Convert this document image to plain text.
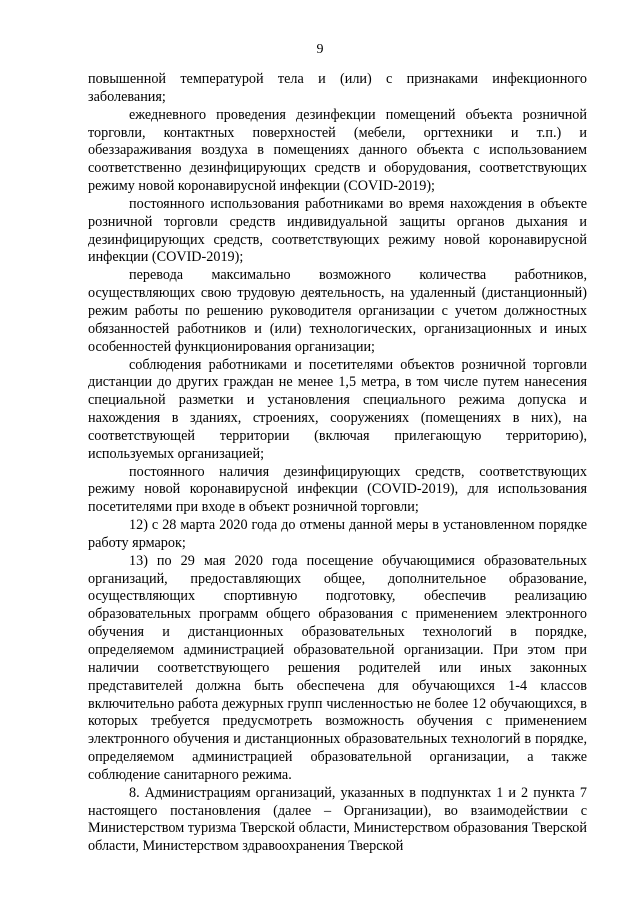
9

повышенной температурой тела и (или) с признаками инфекционного заболевания;

ежедневного проведения дезинфекции помещений объекта розничной торговли, контактных поверхностей (мебели, оргтехники и т.п.) и обеззараживания воздуха в помещениях данного объекта с использованием соответственно дезинфицирующих средств и оборудования, соответствующих режиму новой коронавирусной инфекции (COVID-2019);

постоянного использования работниками во время нахождения в объекте розничной торговли средств индивидуальной защиты органов дыхания и дезинфицирующих средств, соответствующих режиму новой коронавирусной инфекции (COVID-2019);

перевода максимально возможного количества работников, осуществляющих свою трудовую деятельность, на удаленный (дистанционный) режим работы по решению руководителя организации с учетом должностных обязанностей работников и (или) технологических, организационных и иных особенностей функционирования организации;

соблюдения работниками и посетителями объектов розничной торговли дистанции до других граждан не менее 1,5 метра, в том числе путем нанесения специальной разметки и установления специального режима допуска и нахождения в зданиях, строениях, сооружениях (помещениях в них), на соответствующей территории (включая прилегающую территорию), используемых организацией;

постоянного наличия дезинфицирующих средств, соответствующих режиму новой коронавирусной инфекции (COVID-2019), для использования посетителями при входе в объект розничной торговли;

12) с 28 марта 2020 года до отмены данной меры в установленном порядке работу ярмарок;

13) по 29 мая 2020 года посещение обучающимися образовательных организаций, предоставляющих общее, дополнительное образование, осуществляющих спортивную подготовку, обеспечив реализацию образовательных программ общего образования с применением электронного обучения и дистанционных образовательных технологий в порядке, определяемом администрацией образовательной организации. При этом при наличии соответствующего решения родителей или иных законных представителей должна быть обеспечена для обучающихся 1-4 классов включительно работа дежурных групп численностью не более 12 обучающихся, в которых требуется предусмотреть возможность обучения с применением электронного обучения и дистанционных образовательных технологий в порядке, определяемом администрацией образовательной организации, а также соблюдение санитарного режима.

8. Администрациям организаций, указанных в подпунктах 1 и 2 пункта 7 настоящего постановления (далее – Организации), во взаимодействии с Министерством туризма Тверской области, Министерством образования Тверской области, Министерством здравоохранения Тверской
